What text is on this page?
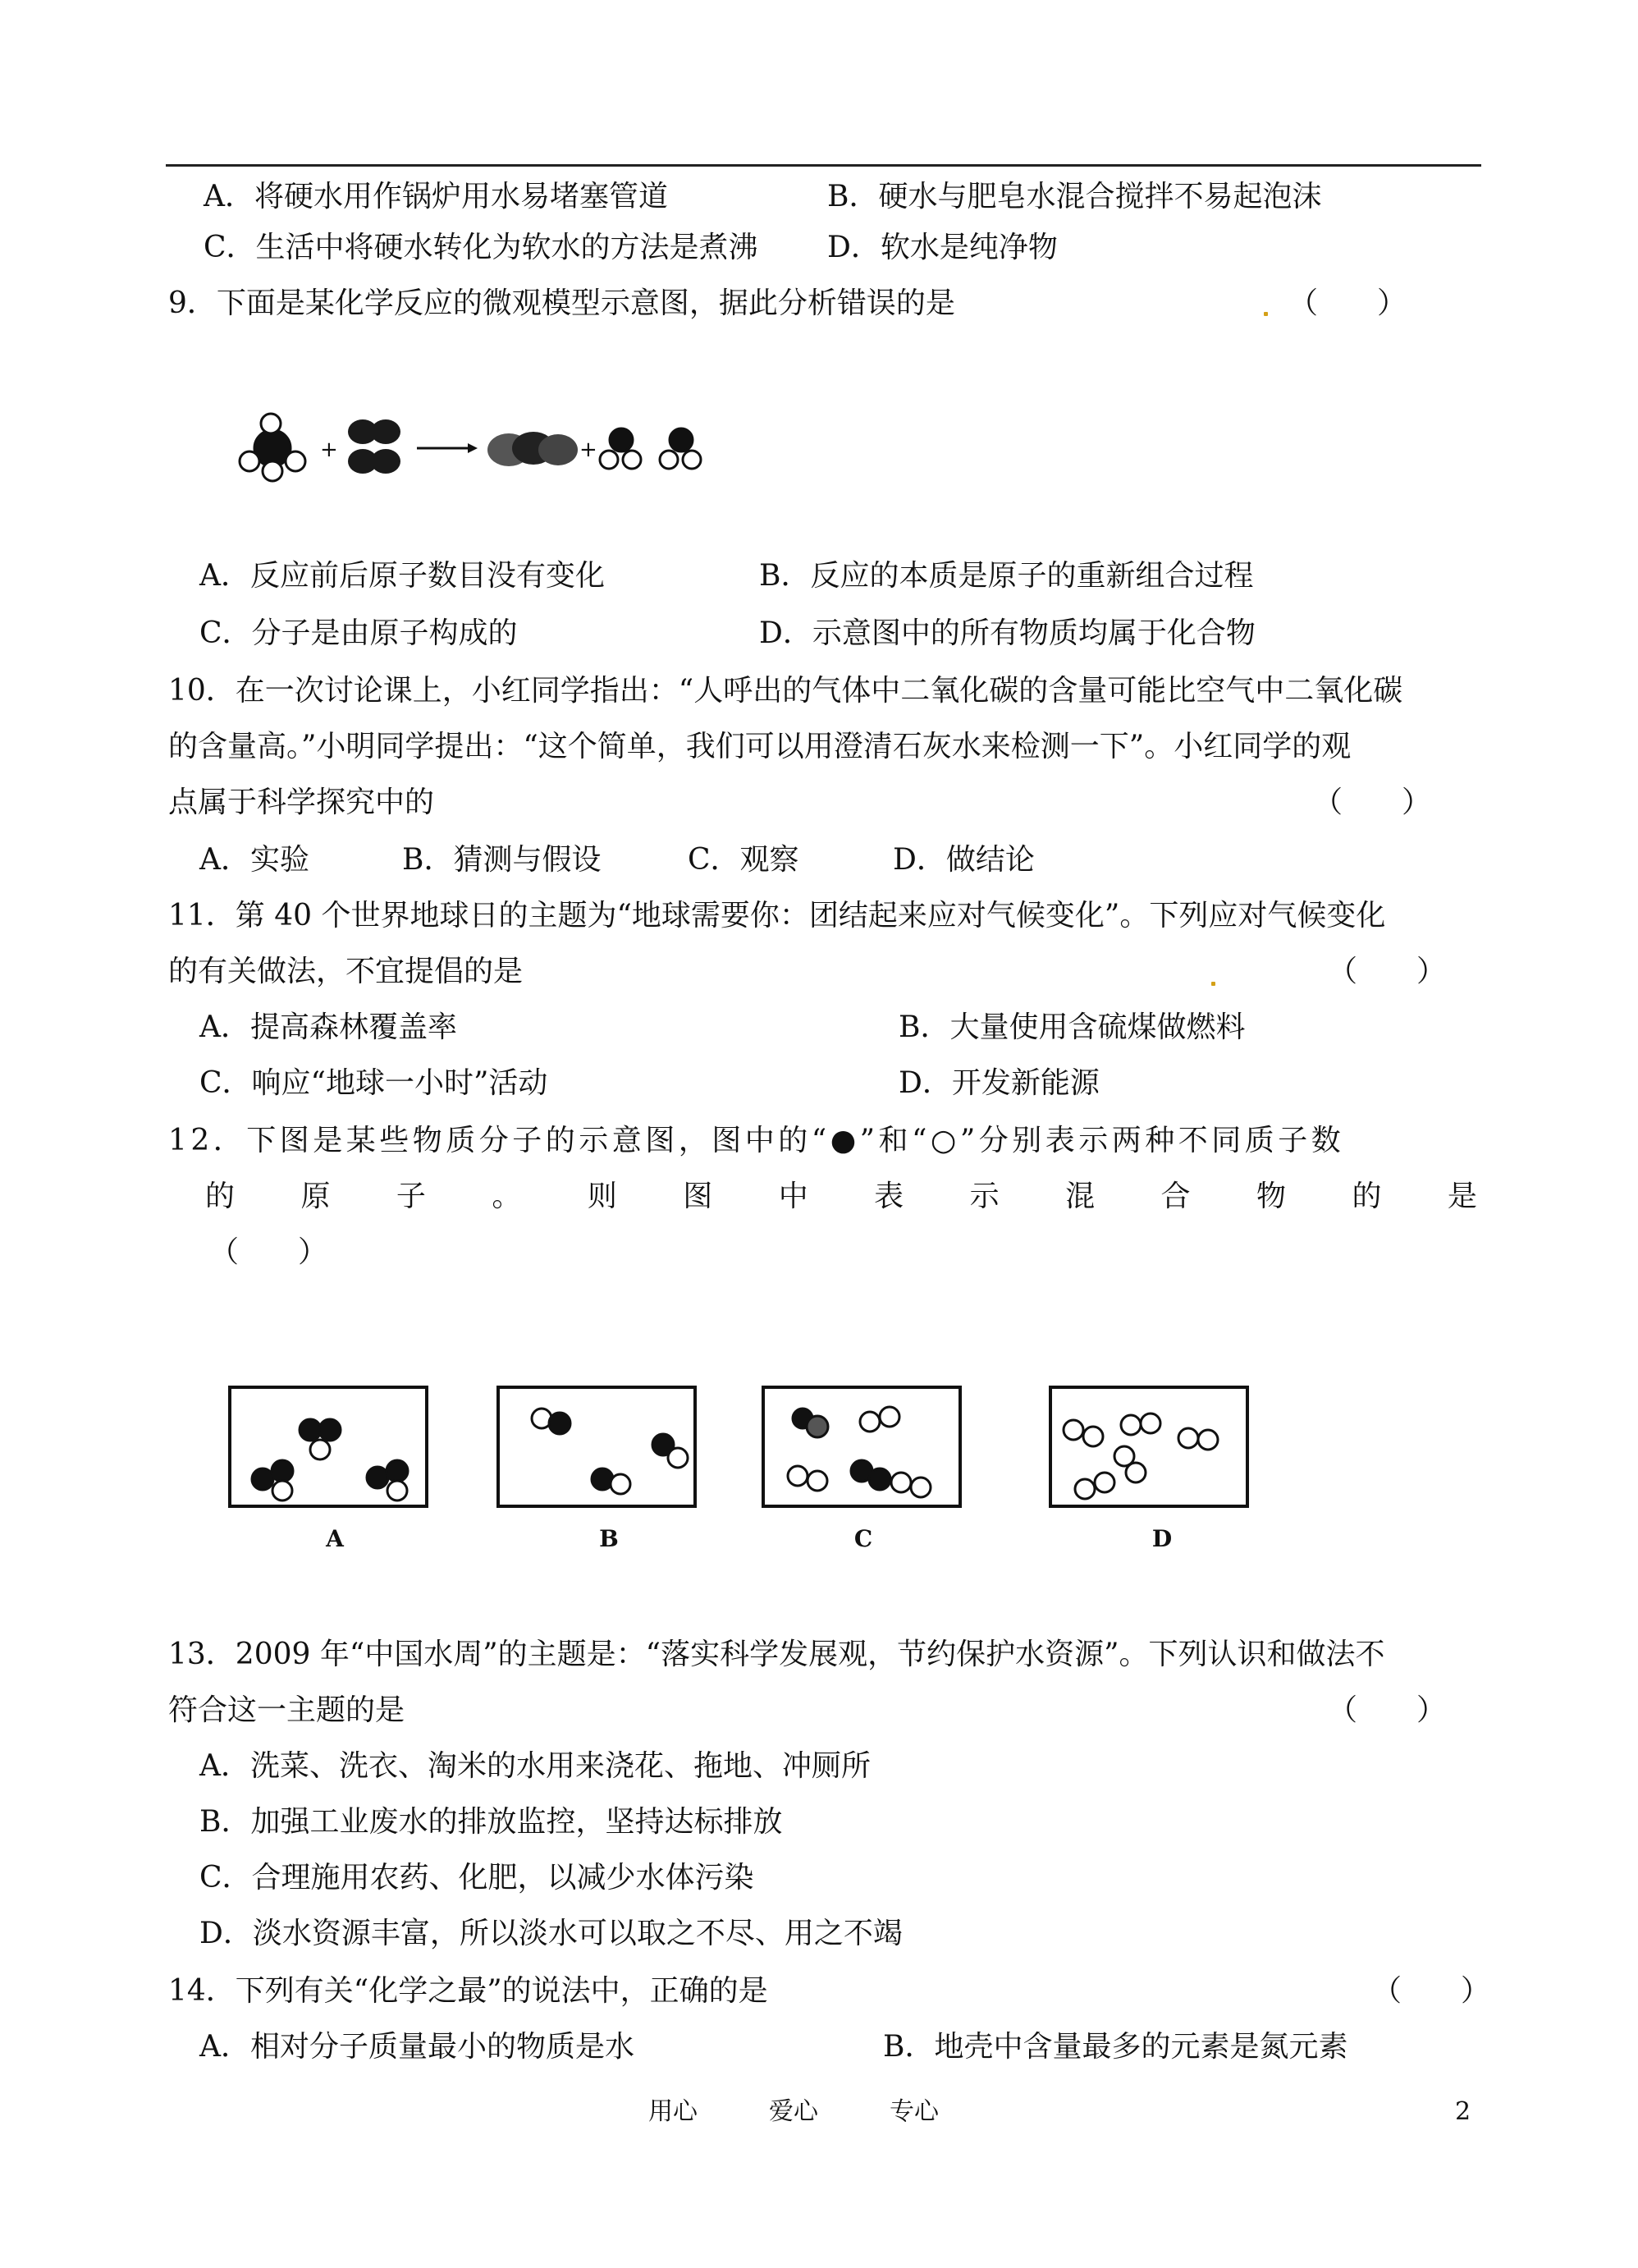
A．将硬水用作锅炉用水易堵塞管道	B．硬水与肥皂水混合搅拌不易起泡沫
C．生活中将硬水转化为软水的方法是煮沸 D．软水是纯净物
9．下面是某化学反应的微观模型示意图，据此分析错误的是	（　　）
+	+
A．反应前后原子数目没有变化	B．反应的本质是原子的重新组合过程
C．分子是由原子构成的	D．示意图中的所有物质均属于化合物
10．在一次讨论课上，小红同学指出：“人呼出的气体中二氧化碳的含量可能比空气中二氧化碳
的含量高。”小明同学提出：“这个简单，我们可以用澄清石灰水来检测一下”。小红同学的观
点属于科学探究中的	（　　）
A．实验	B．猜测与假设	C．观察	D．做结论
11．第 40 个世界地球日的主题为“地球需要你：团结起来应对气候变化”。下列应对气候变化
的有关做法，不宜提倡的是	（　　）
A．提高森林覆盖率	B．大量使用含硫煤做燃料
C．响应“地球一小时”活动	D．开发新能源
12．下图是某些物质分子的示意图，图中的“●”和“○”分别表示两种不同质子数
的 原 子 。 则 图 中 表 示 混 合 物 的 是
（　　）
A	B	C	D
13．2009 年“中国水周”的主题是：“落实科学发展观，节约保护水资源”。下列认识和做法不
符合这一主题的是	（　　）
A．洗菜、洗衣、淘米的水用来浇花、拖地、冲厕所
B．加强工业废水的排放监控，坚持达标排放
C．合理施用农药、化肥，以减少水体污染
D．淡水资源丰富，所以淡水可以取之不尽、用之不竭
14．下列有关“化学之最”的说法中，正确的是	（　　）
A．相对分子质量最小的物质是水	B．地壳中含量最多的元素是氮元素
用心	爱心	专心	2
